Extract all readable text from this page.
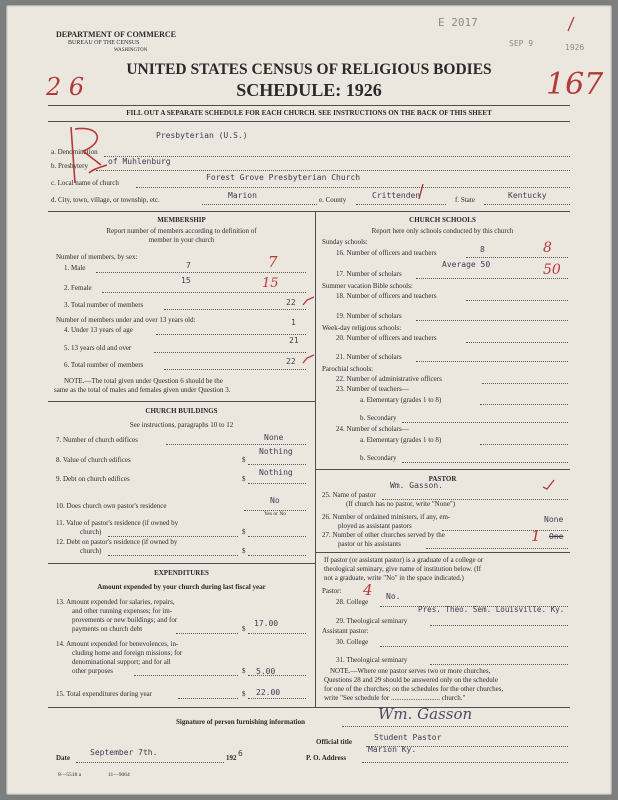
DEPARTMENT OF COMMERCE
BUREAU OF THE CENSUS
WASHINGTON
E 2017
SEP 9	1926
2 6	167
UNITED STATES CENSUS OF RELIGIOUS BODIES
SCHEDULE: 1926
FILL OUT A SEPARATE SCHEDULE FOR EACH CHURCH. SEE INSTRUCTIONS ON THE BACK OF THIS SHEET
a. Denomination
Presbyterian (U.S.)
b. Presbytery	of Muhlenburg
c. Local name of church
Forest Grove Presbyterian Church
d. City, town, village, or township, etc.	Marion	e. County	Crittenden	f. State	Kentucky
MEMBERSHIP
Report number of members according to definition of
member in your church
Number of members, by sex:
1. Male	7	7
2. Female
15	15
3. Total number of members	22
Number of members under and over 13 years old:
4. Under 13 years of age
1
5. 13 years old and over
21
6. Total number of members	22
NOTE.—The total given under Question 6 should be the
same as the total of males and females given under Question 3.
CHURCH BUILDINGS
See instructions, paragraphs 10 to 12
7. Number of church edifices	None
8. Value of church edifices	$
Nothing
9. Debt on church edifices	$
Nothing
10. Does church own pastor's residence
No
Yes or No
11. Value of pastor's residence (if owned by
church)	$
12. Debt on pastor's residence (if owned by
church)	$
EXPENDITURES
Amount expended by your church during last fiscal year
13. Amount expended for salaries, repairs,
and other running expenses; for im-
provements or new buildings; and for
payments on church debt	$
17.00
14. Amount expended for benevolences, in-
cluding home and foreign missions; for
denominational support; and for all
other purposes	$ 5.00
15. Total expenditures during year	$ 22.00
CHURCH SCHOOLS
Report here only schools conducted by this church
Sunday schools:
16. Number of officers and teachers	8	8
17. Number of scholars
Average 50	50
Summer vacation Bible schools:
18. Number of officers and teachers
19. Number of scholars
Week-day religious schools:
20. Number of officers and teachers
21. Number of scholars
Parochial schools:
22. Number of administrative officers
23. Number of teachers—
a. Elementary (grades 1 to 8)
b. Secondary
24. Number of scholars—
a. Elementary (grades 1 to 8)
b. Secondary
PASTOR
25. Name of pastor
Wm. Gasson.
(If church has no pastor, write "None")
26. Number of ordained ministers, if any, em-
ployed as assistant pastors
None
27. Number of other churches served by the
pastor or his assistants
One
1
If pastor (or assistant pastor) is a graduate of a college or
theological seminary, give name of institution below. (If
not a graduate, write "No" in the space indicated.)
Pastor:
28. College
No.
4
29. Theological seminary
Pres. Theo. Sem. Louisville. Ky.
Assistant pastor:
30. College
31. Theological seminary
NOTE.—Where one pastor serves two or more churches,
Questions 28 and 29 should be answered only on the schedule
for one of the churches; on the schedules for the other churches,
write "See schedule for ............................ church."
Signature of person furnishing information	Wm. Gasson
Official title	Student Pastor
Date
September 7th.
192 6	P. O. Address
Marion Ky.
8—5518 a	11—9064
